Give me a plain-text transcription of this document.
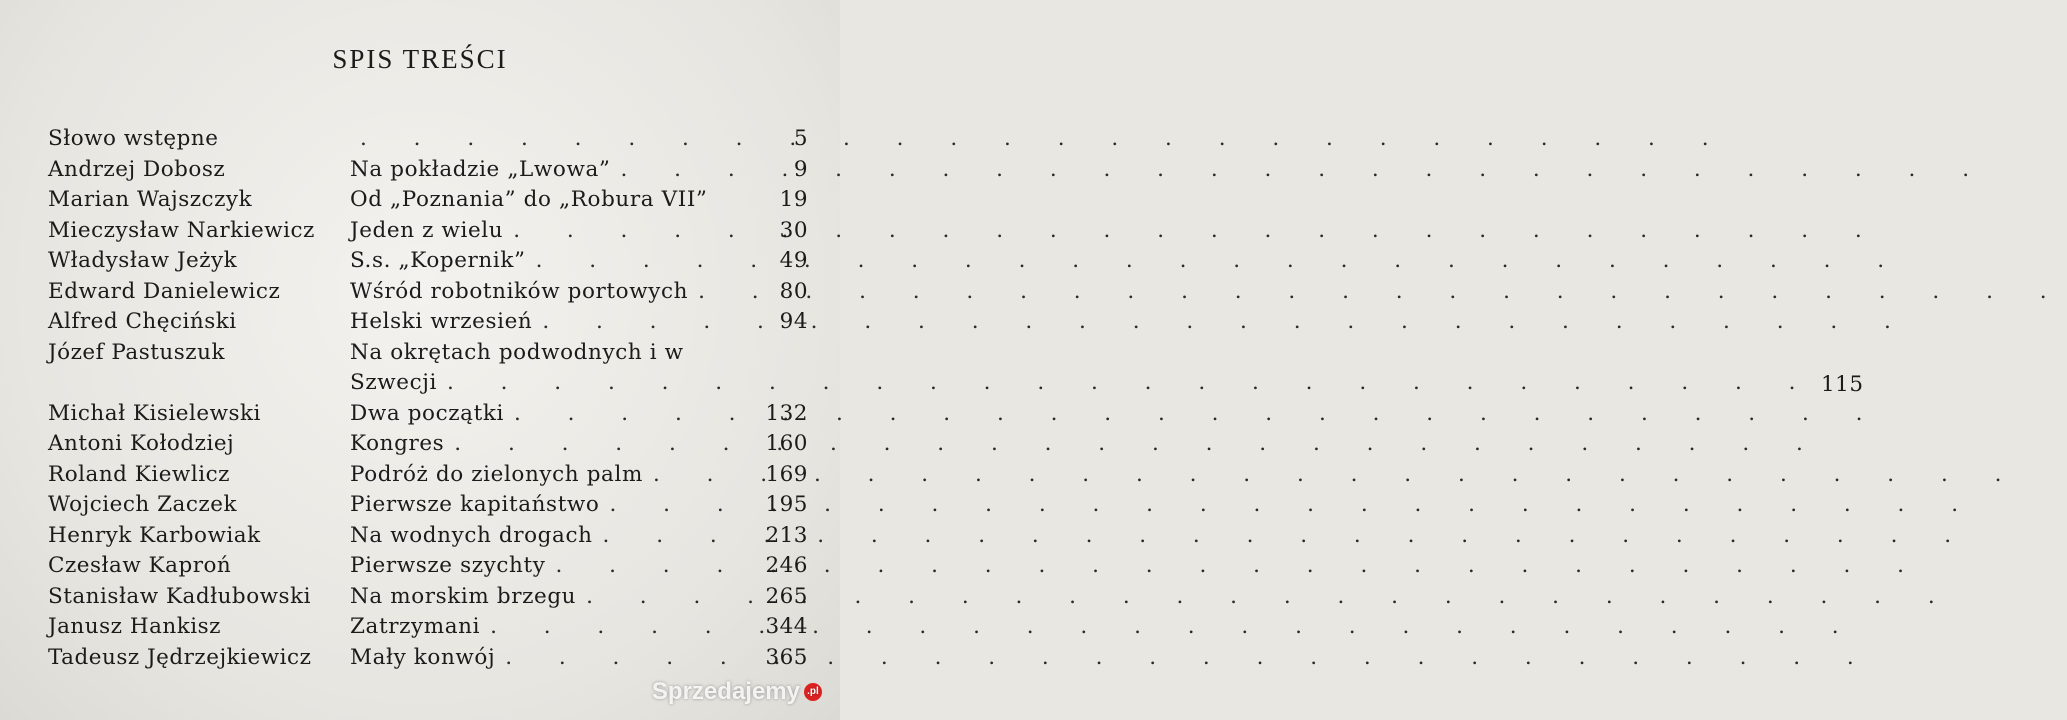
SPIS TREŚCI
Słowo wstępne . . .	5
Andrzej Dobosz	Na pokładzie „Lwowa” . . .	9
Marian Wajszczyk	Od „Poznania” do „Robura VII”	19
Mieczysław Narkiewicz	Jeden z wielu . . .	30
Władysław Jeżyk	S.s. „Kopernik” . . .	49
Edward Danielewicz	Wśród robotników portowych . . .	80
Alfred Chęciński	Helski wrzesień . . .	94
Józef Pastuszuk	Na okrętach podwodnych i w
Szwecji . . .	115
Michał Kisielewski	Dwa początki . . .	132
Antoni Kołodziej	Kongres . . .	160
Roland Kiewlicz	Podróż do zielonych palm . . .	169
Wojciech Zaczek	Pierwsze kapitaństwo . . .	195
Henryk Karbowiak	Na wodnych drogach . . .	213
Czesław Kaproń	Pierwsze szychty . . .	246
Stanisław Kadłubowski	Na morskim brzegu . . .	265
Janusz Hankisz	Zatrzymani . . .	344
Tadeusz Jędrzejkiewicz	Mały konwój . . .	365
Sprzedajemy .pl
